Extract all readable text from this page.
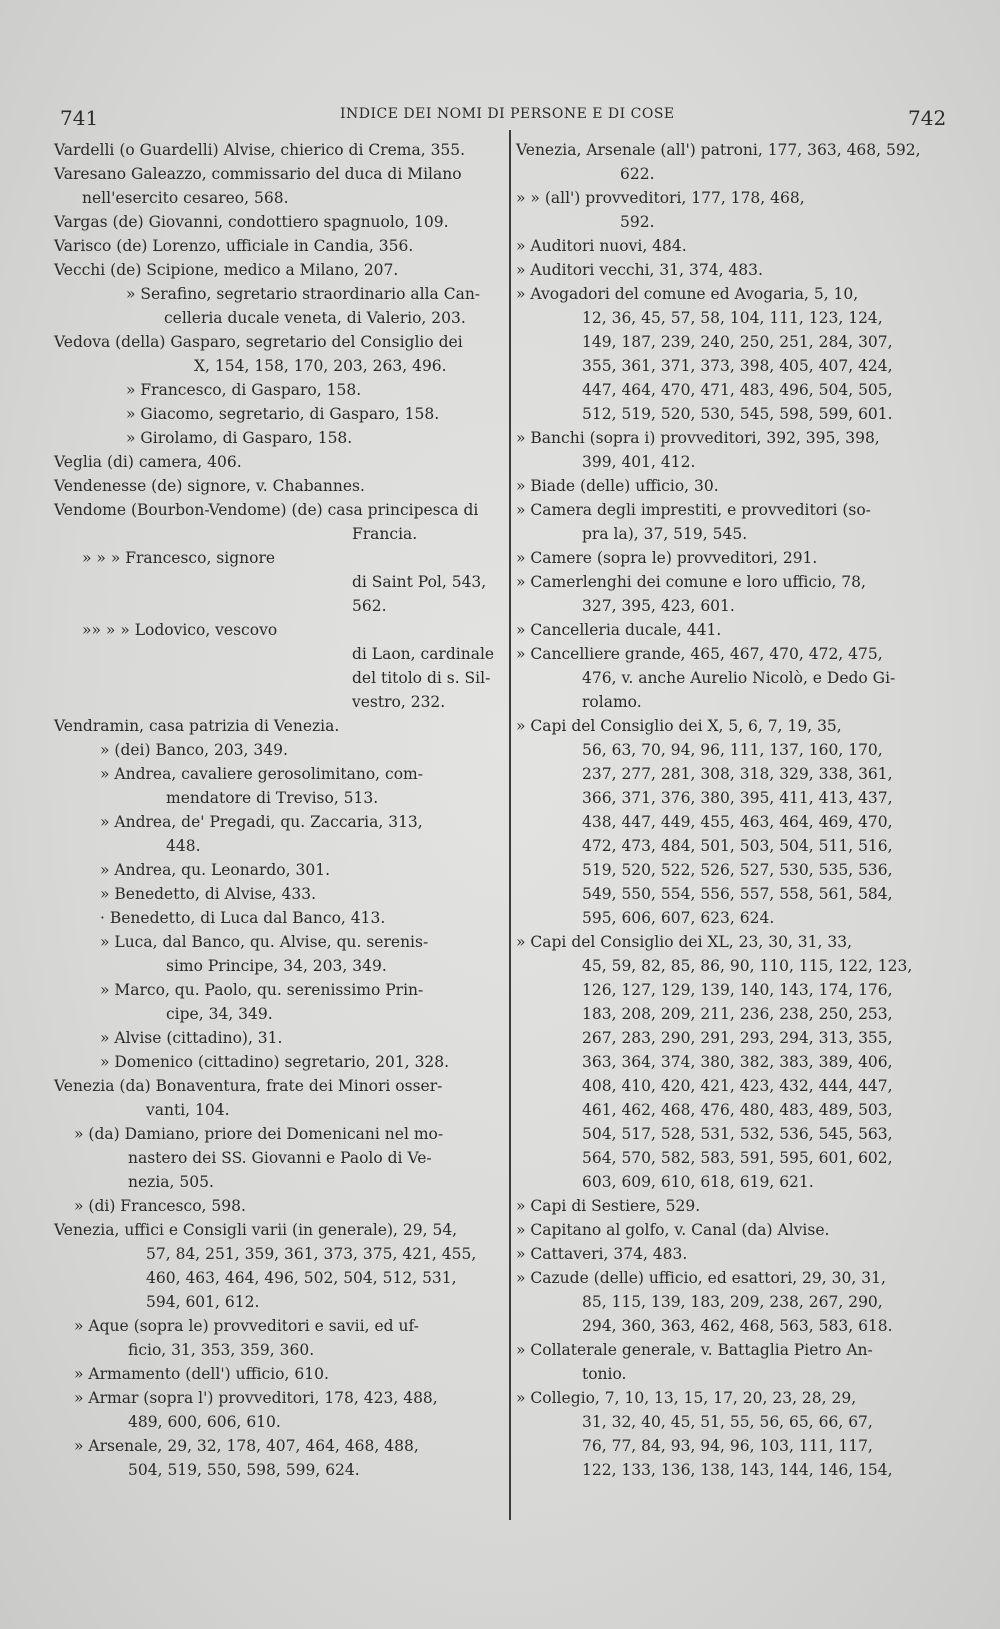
741	INDICE DEI NOMI DI PERSONE E DI COSE	742
Vardelli (o Guardelli) Alvise, chierico di Crema, 355.
Varesano Galeazzo, commissario del duca di Milano
nell'esercito cesareo, 568.
Vargas (de) Giovanni, condottiero spagnuolo, 109.
Varisco (de) Lorenzo, ufficiale in Candia, 356.
Vecchi (de) Scipione, medico a Milano, 207.
» Serafino, segretario straordinario alla Can-
celleria ducale veneta, di Valerio, 203.
Vedova (della) Gasparo, segretario del Consiglio dei
X, 154, 158, 170, 203, 263, 496.
» Francesco, di Gasparo, 158.
» Giacomo, segretario, di Gasparo, 158.
» Girolamo, di Gasparo, 158.
Veglia (di) camera, 406.
Vendenesse (de) signore, v. Chabannes.
Vendome (Bourbon-Vendome) (de) casa principesca di
Francia.
» » » Francesco, signore
di Saint Pol, 543,
562.
»» » » Lodovico, vescovo
di Laon, cardinale
del titolo di s. Sil-
vestro, 232.
Vendramin, casa patrizia di Venezia.
» (dei) Banco, 203, 349.
» Andrea, cavaliere gerosolimitano, com-
mendatore di Treviso, 513.
» Andrea, de' Pregadi, qu. Zaccaria, 313,
448.
» Andrea, qu. Leonardo, 301.
» Benedetto, di Alvise, 433.
· Benedetto, di Luca dal Banco, 413.
» Luca, dal Banco, qu. Alvise, qu. serenis-
simo Principe, 34, 203, 349.
» Marco, qu. Paolo, qu. serenissimo Prin-
cipe, 34, 349.
» Alvise (cittadino), 31.
» Domenico (cittadino) segretario, 201, 328.
Venezia (da) Bonaventura, frate dei Minori osser-
vanti, 104.
» (da) Damiano, priore dei Domenicani nel mo-
nastero dei SS. Giovanni e Paolo di Ve-
nezia, 505.
» (di) Francesco, 598.
Venezia, uffici e Consigli varii (in generale), 29, 54,
57, 84, 251, 359, 361, 373, 375, 421, 455,
460, 463, 464, 496, 502, 504, 512, 531,
594, 601, 612.
» Aque (sopra le) provveditori e savii, ed uf-
ficio, 31, 353, 359, 360.
» Armamento (dell') ufficio, 610.
» Armar (sopra l') provveditori, 178, 423, 488,
489, 600, 606, 610.
» Arsenale, 29, 32, 178, 407, 464, 468, 488,
504, 519, 550, 598, 599, 624.
Venezia, Arsenale (all') patroni, 177, 363, 468, 592,
622.
» » (all') provveditori, 177, 178, 468,
592.
» Auditori nuovi, 484.
» Auditori vecchi, 31, 374, 483.
» Avogadori del comune ed Avogaria, 5, 10,
12, 36, 45, 57, 58, 104, 111, 123, 124,
149, 187, 239, 240, 250, 251, 284, 307,
355, 361, 371, 373, 398, 405, 407, 424,
447, 464, 470, 471, 483, 496, 504, 505,
512, 519, 520, 530, 545, 598, 599, 601.
» Banchi (sopra i) provveditori, 392, 395, 398,
399, 401, 412.
» Biade (delle) ufficio, 30.
» Camera degli imprestiti, e provveditori (so-
pra la), 37, 519, 545.
» Camere (sopra le) provveditori, 291.
» Camerlenghi dei comune e loro ufficio, 78,
327, 395, 423, 601.
» Cancelleria ducale, 441.
» Cancelliere grande, 465, 467, 470, 472, 475,
476, v. anche Aurelio Nicolò, e Dedo Gi-
rolamo.
» Capi del Consiglio dei X, 5, 6, 7, 19, 35,
56, 63, 70, 94, 96, 111, 137, 160, 170,
237, 277, 281, 308, 318, 329, 338, 361,
366, 371, 376, 380, 395, 411, 413, 437,
438, 447, 449, 455, 463, 464, 469, 470,
472, 473, 484, 501, 503, 504, 511, 516,
519, 520, 522, 526, 527, 530, 535, 536,
549, 550, 554, 556, 557, 558, 561, 584,
595, 606, 607, 623, 624.
» Capi del Consiglio dei XL, 23, 30, 31, 33,
45, 59, 82, 85, 86, 90, 110, 115, 122, 123,
126, 127, 129, 139, 140, 143, 174, 176,
183, 208, 209, 211, 236, 238, 250, 253,
267, 283, 290, 291, 293, 294, 313, 355,
363, 364, 374, 380, 382, 383, 389, 406,
408, 410, 420, 421, 423, 432, 444, 447,
461, 462, 468, 476, 480, 483, 489, 503,
504, 517, 528, 531, 532, 536, 545, 563,
564, 570, 582, 583, 591, 595, 601, 602,
603, 609, 610, 618, 619, 621.
» Capi di Sestiere, 529.
» Capitano al golfo, v. Canal (da) Alvise.
» Cattaveri, 374, 483.
» Cazude (delle) ufficio, ed esattori, 29, 30, 31,
85, 115, 139, 183, 209, 238, 267, 290,
294, 360, 363, 462, 468, 563, 583, 618.
» Collaterale generale, v. Battaglia Pietro An-
tonio.
» Collegio, 7, 10, 13, 15, 17, 20, 23, 28, 29,
31, 32, 40, 45, 51, 55, 56, 65, 66, 67,
76, 77, 84, 93, 94, 96, 103, 111, 117,
122, 133, 136, 138, 143, 144, 146, 154,
